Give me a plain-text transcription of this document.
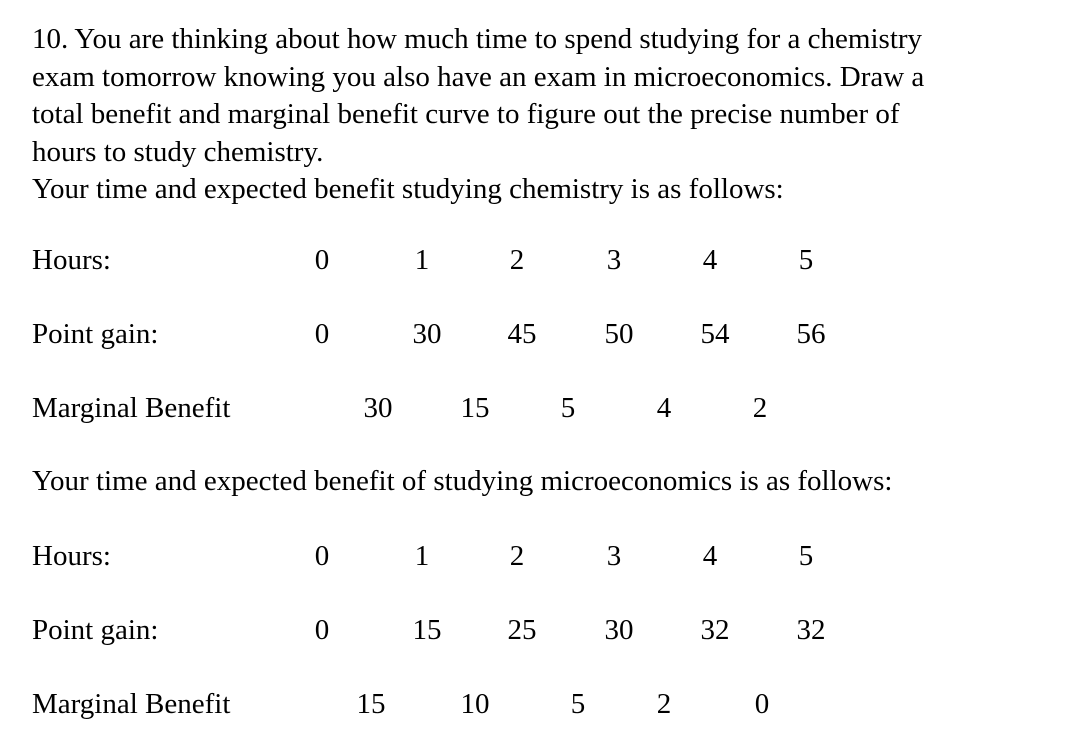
10. You are thinking about how much time to spend studying for a chemistry
exam tomorrow knowing you also have an exam in microeconomics. Draw a
total benefit and marginal benefit curve to figure out the precise number of
hours to study chemistry.
Your time and expected benefit studying chemistry is as follows:
Hours:	0	1	2	3	4	5
Point gain:	0	30 45 50 54 56
Marginal Benefit	30 15 5	4	2
Your time and expected benefit of studying microeconomics is as follows:
Hours:	0	1	2	3	4	5
Point gain:	0	15 25 30 32 32
Marginal Benefit	15	10	5 2	0
